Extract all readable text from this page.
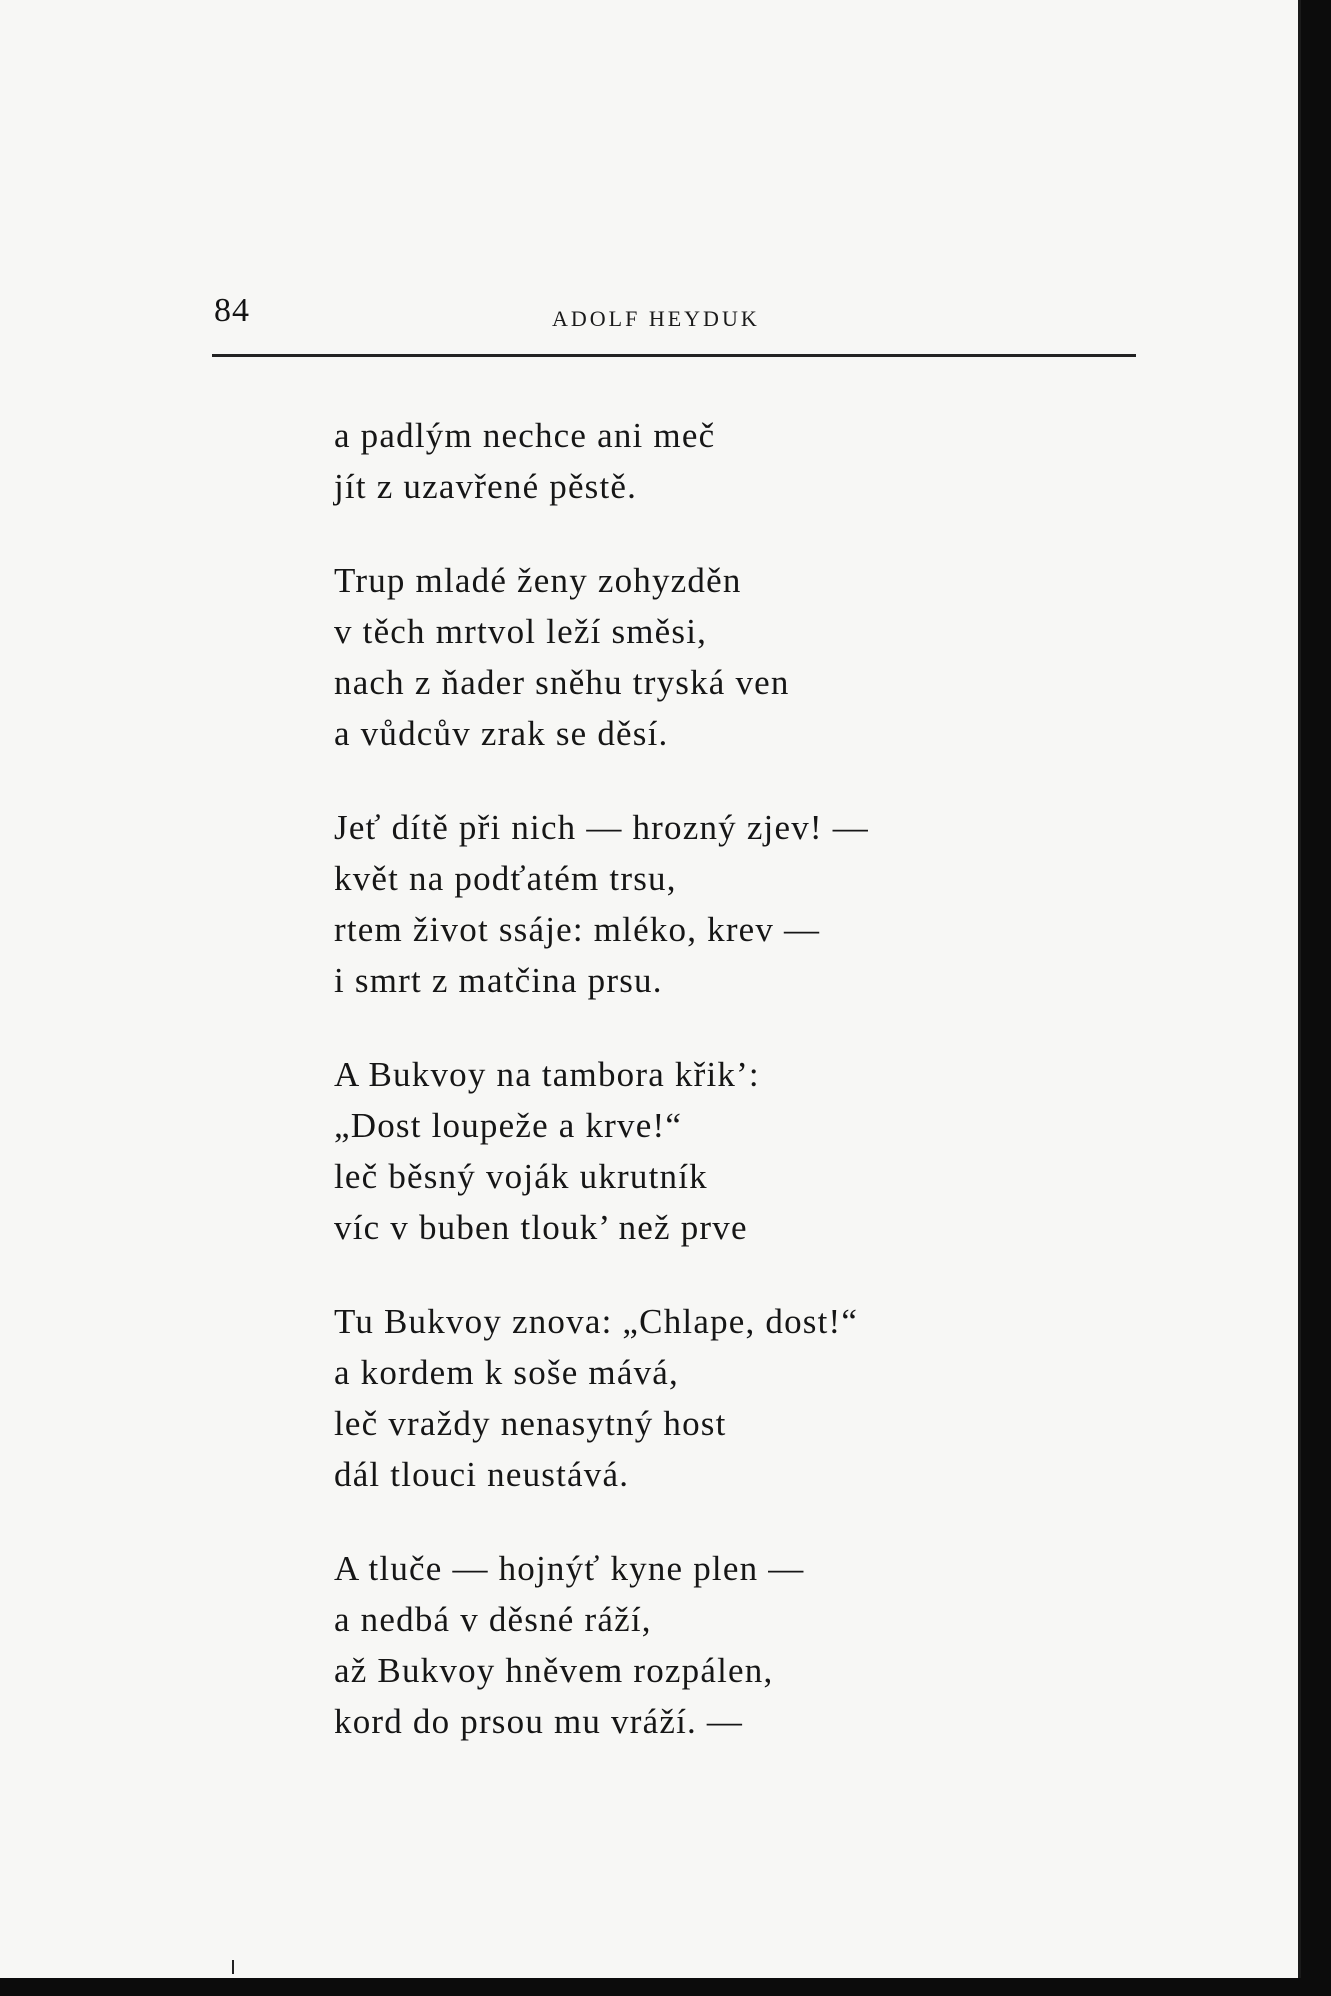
84	ADOLF HEYDUK
a padlým nechce ani meč
jít z uzavřené pěstě.
Trup mladé ženy zohyzděn
v těch mrtvol leží směsi,
nach z ňader sněhu tryská ven
a vůdcův zrak se děsí.
Jeť dítě při nich — hrozný zjev! —
květ na podťatém trsu,
rtem život ssáje: mléko, krev —
i smrt z matčina prsu.
A Bukvoy na tambora křik’:
„Dost loupeže a krve!“
leč běsný voják ukrutník
víc v buben tlouk’ než prve
Tu Bukvoy znova: „Chlape, dost!“
a kordem k soše mává,
leč vraždy nenasytný host
dál tlouci neustává.
A tluče — hojnýť kyne plen —
a nedbá v děsné ráží,
až Bukvoy hněvem rozpálen,
kord do prsou mu vráží. —
